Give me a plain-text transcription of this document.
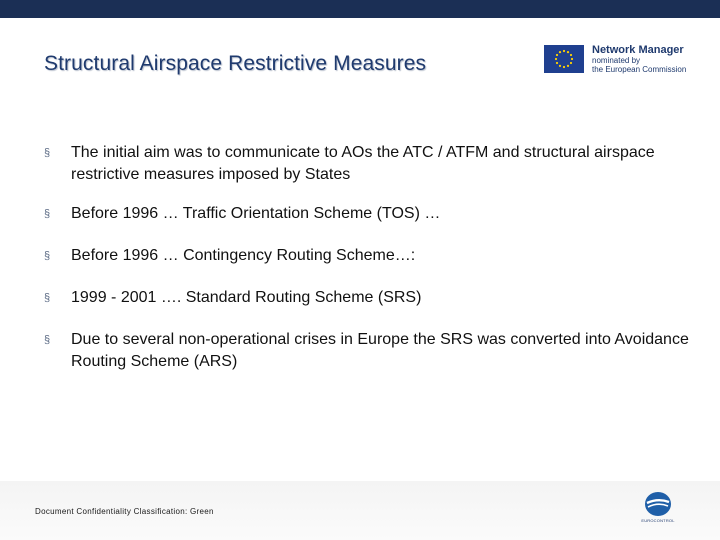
Structural Airspace Restrictive Measures
Network Manager
nominated by
the European Commission
§ The initial aim was to communicate to AOs the ATC / ATFM and structural airspace restrictive measures imposed by States
§ Before 1996 … Traffic Orientation Scheme (TOS) …
§ Before 1996 … Contingency Routing Scheme…:
§ 1999 - 2001 …. Standard Routing Scheme (SRS)
§ Due to several non-operational crises in Europe the SRS was converted into Avoidance Routing Scheme (ARS)
Document Confidentiality Classification: Green
EUROCONTROL
